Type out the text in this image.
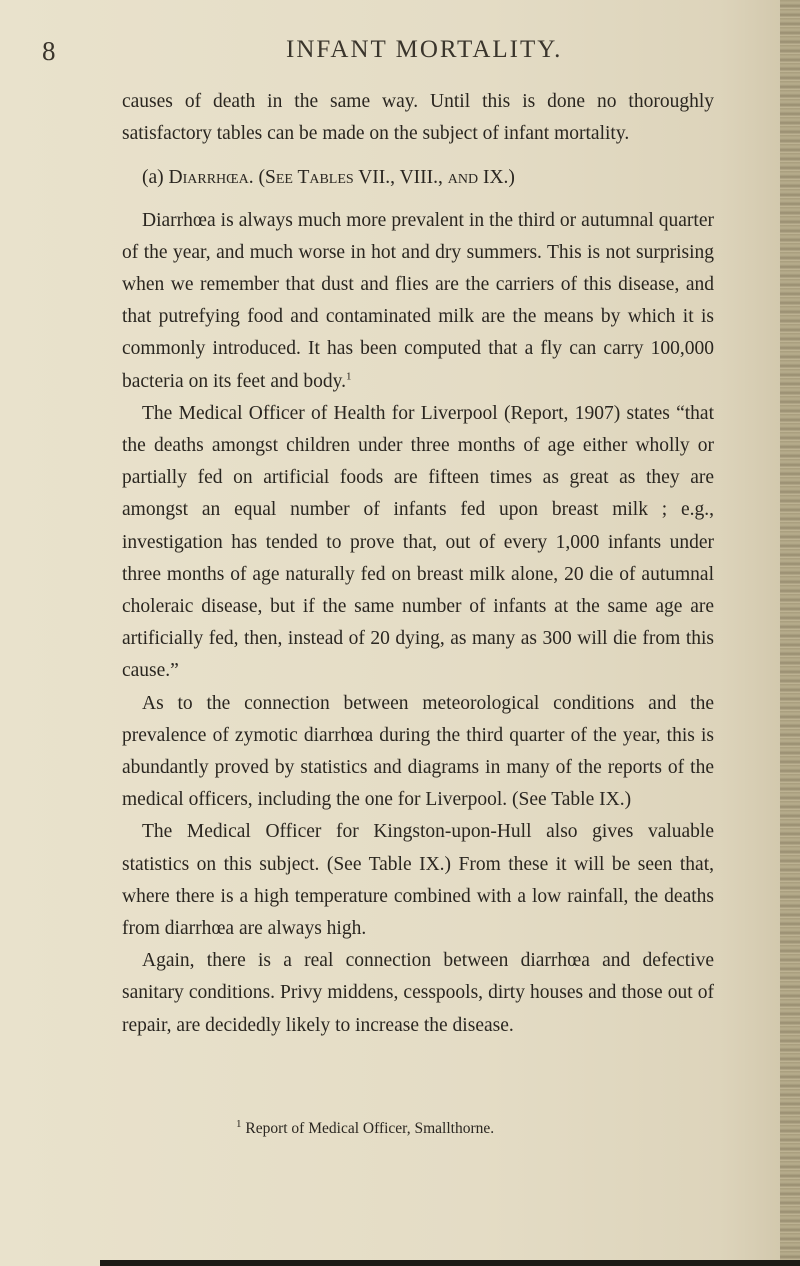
8	INFANT MORTALITY.

causes of death in the same way. Until this is done no thoroughly satisfactory tables can be made on the subject of infant mortality.

(a) Diarrhœa. (See Tables VII., VIII., and IX.)

Diarrhœa is always much more prevalent in the third or autumnal quarter of the year, and much worse in hot and dry summers. This is not surprising when we remember that dust and flies are the carriers of this disease, and that putrefying food and contaminated milk are the means by which it is commonly introduced. It has been computed that a fly can carry 100,000 bacteria on its feet and body.$^1$

The Medical Officer of Health for Liverpool (Report, 1907) states “that the deaths amongst children under three months of age either wholly or partially fed on artificial foods are fifteen times as great as they are amongst an equal number of infants fed upon breast milk ; e.g., investigation has tended to prove that, out of every 1,000 infants under three months of age naturally fed on breast milk alone, 20 die of autumnal choleraic disease, but if the same number of infants at the same age are artificially fed, then, instead of 20 dying, as many as 300 will die from this cause.”

As to the connection between meteorological conditions and the prevalence of zymotic diarrhœa during the third quarter of the year, this is abundantly proved by statistics and diagrams in many of the reports of the medical officers, including the one for Liverpool. (See Table IX.)

The Medical Officer for Kingston-upon-Hull also gives valuable statistics on this subject. (See Table IX.) From these it will be seen that, where there is a high temperature combined with a low rainfall, the deaths from diarrhœa are always high.

Again, there is a real connection between diarrhœa and defective sanitary conditions. Privy middens, cesspools, dirty houses and those out of repair, are decidedly likely to increase the disease.

$^1$ Report of Medical Officer, Smallthorne.
